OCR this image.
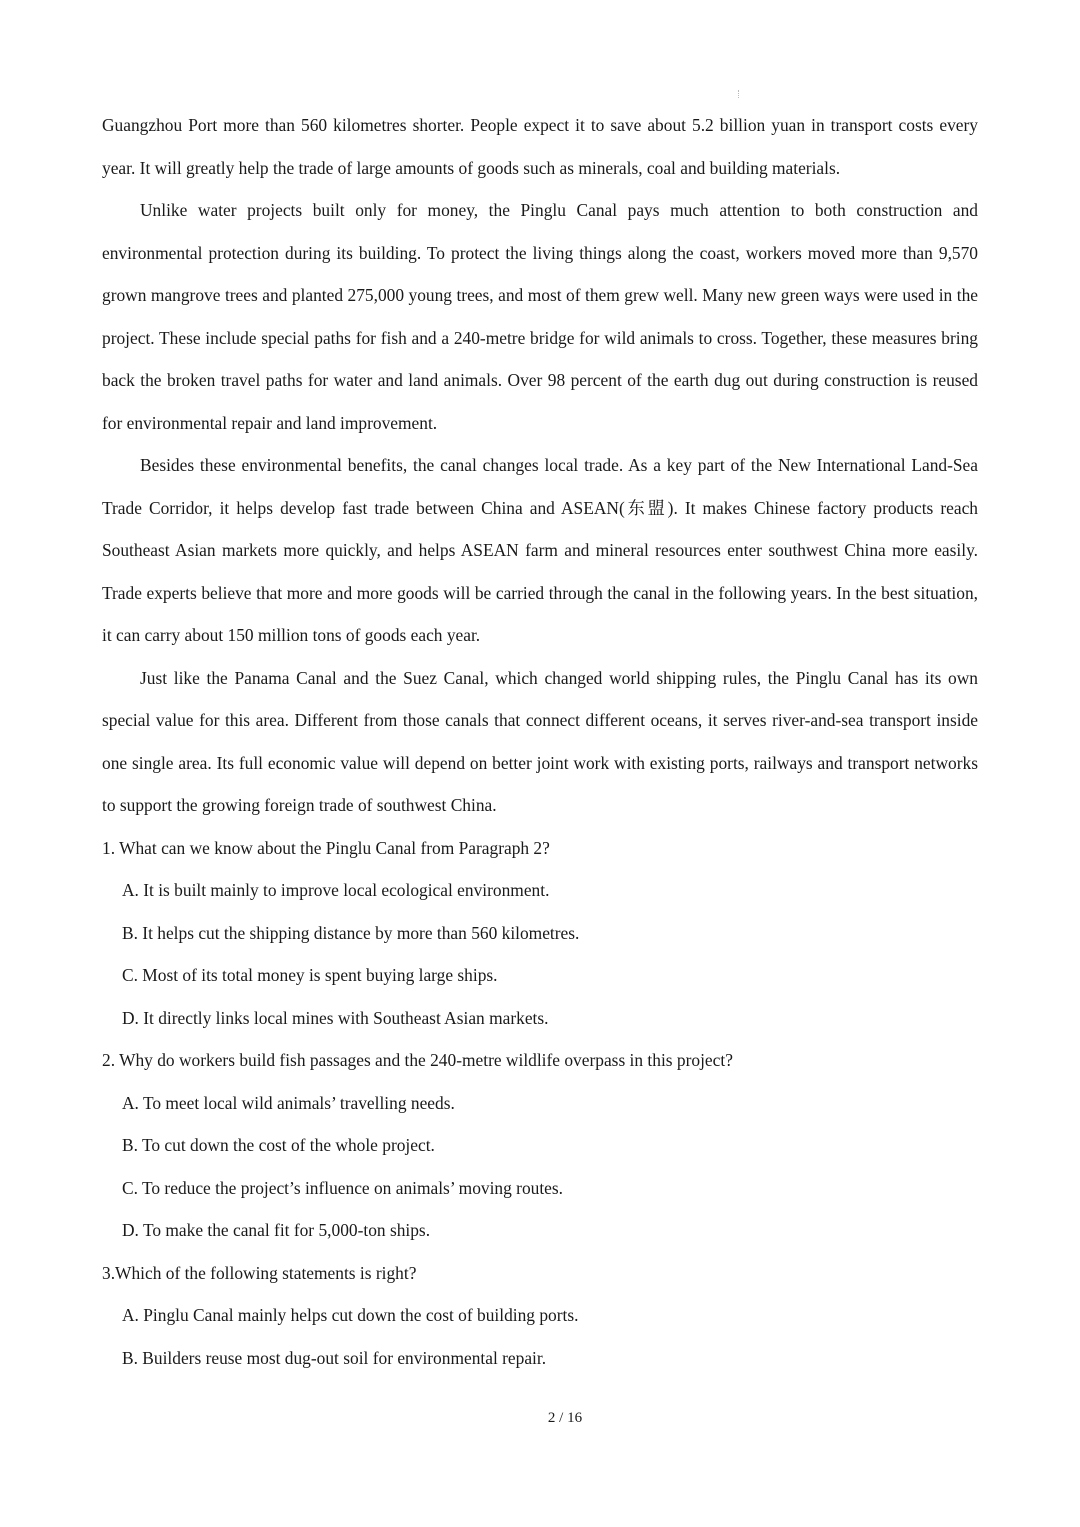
Guangzhou Port more than 560 kilometres shorter. People expect it to save about 5.2 billion yuan in transport costs every year. It will greatly help the trade of large amounts of goods such as minerals, coal and building materials.

Unlike water projects built only for money, the Pinglu Canal pays much attention to both construction and environmental protection during its building. To protect the living things along the coast, workers moved more than 9,570 grown mangrove trees and planted 275,000 young trees, and most of them grew well. Many new green ways were used in the project. These include special paths for fish and a 240-metre bridge for wild animals to cross. Together, these measures bring back the broken travel paths for water and land animals. Over 98 percent of the earth dug out during construction is reused for environmental repair and land improvement.

Besides these environmental benefits, the canal changes local trade. As a key part of the New International Land-Sea Trade Corridor, it helps develop fast trade between China and ASEAN(东盟). It makes Chinese factory products reach Southeast Asian markets more quickly, and helps ASEAN farm and mineral resources enter southwest China more easily. Trade experts believe that more and more goods will be carried through the canal in the following years. In the best situation, it can carry about 150 million tons of goods each year.

Just like the Panama Canal and the Suez Canal, which changed world shipping rules, the Pinglu Canal has its own special value for this area. Different from those canals that connect different oceans, it serves river-and-sea transport inside one single area. Its full economic value will depend on better joint work with existing ports, railways and transport networks to support the growing foreign trade of southwest China.

1. What can we know about the Pinglu Canal from Paragraph 2?

A. It is built mainly to improve local ecological environment.

B. It helps cut the shipping distance by more than 560 kilometres.

C. Most of its total money is spent buying large ships.

D. It directly links local mines with Southeast Asian markets.

2. Why do workers build fish passages and the 240-metre wildlife overpass in this project?

A. To meet local wild animals’ travelling needs.

B. To cut down the cost of the whole project.

C. To reduce the project’s influence on animals’ moving routes.

D. To make the canal fit for 5,000-ton ships.

3.Which of the following statements is right?

A. Pinglu Canal mainly helps cut down the cost of building ports.

B. Builders reuse most dug-out soil for environmental repair.

2 / 16
